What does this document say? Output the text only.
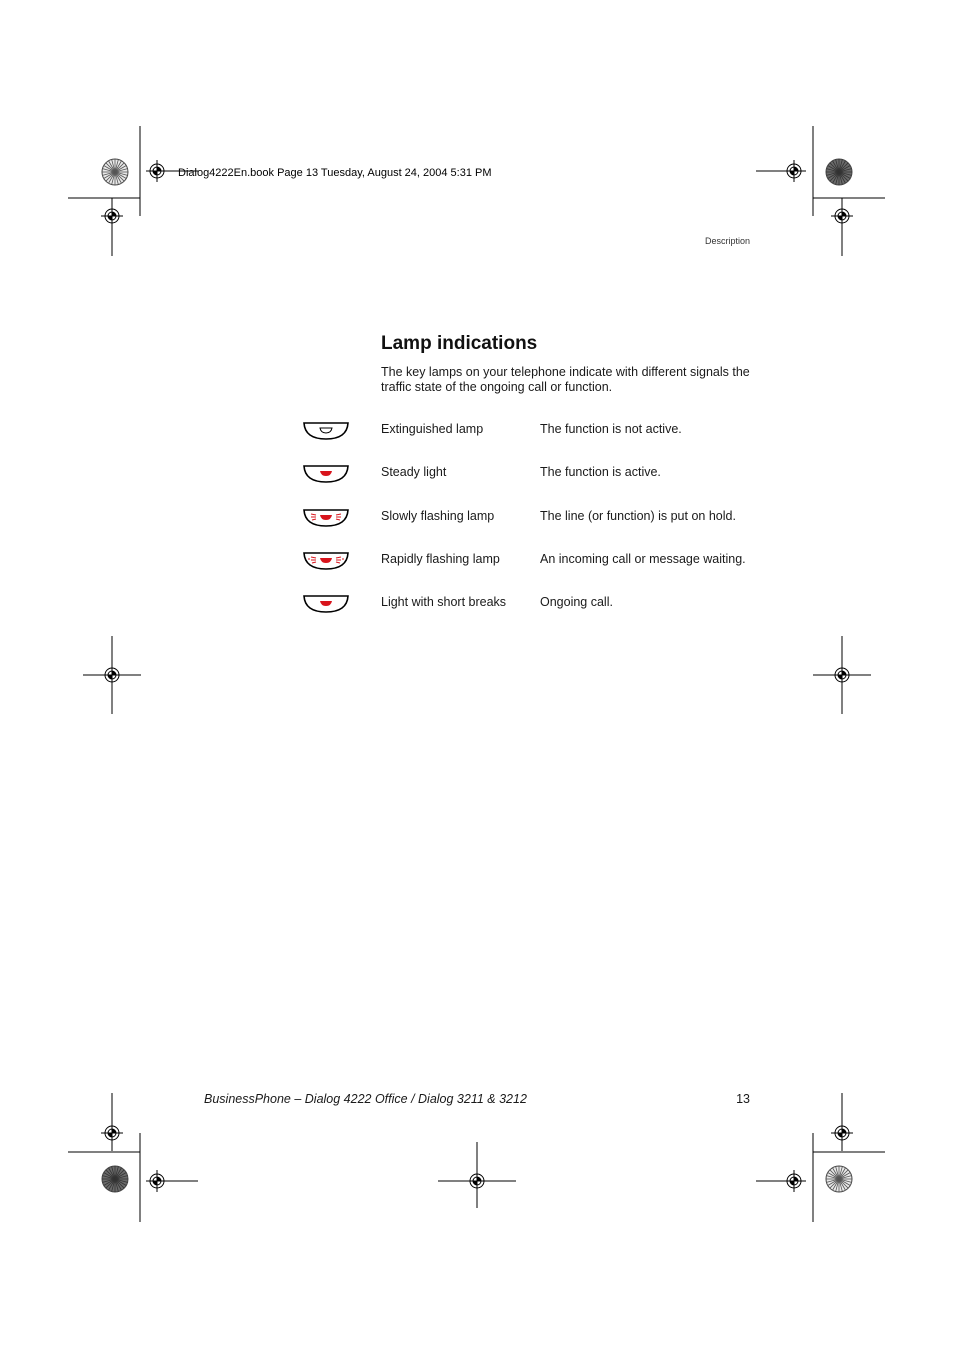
Dialog4222En.book Page 13 Tuesday, August 24, 2004 5:31 PM
Description
Lamp indications

The key lamps on your telephone indicate with different signals the traffic state of the ongoing call or function.

Extinguished lamp	The function is not active.
Steady light	The function is active.
Slowly flashing lamp	The line (or function) is put on hold.
Rapidly flashing lamp	An incoming call or message waiting.
Light with short breaks	Ongoing call.
BusinessPhone – Dialog 4222 Office / Dialog 3211 & 3212	13
